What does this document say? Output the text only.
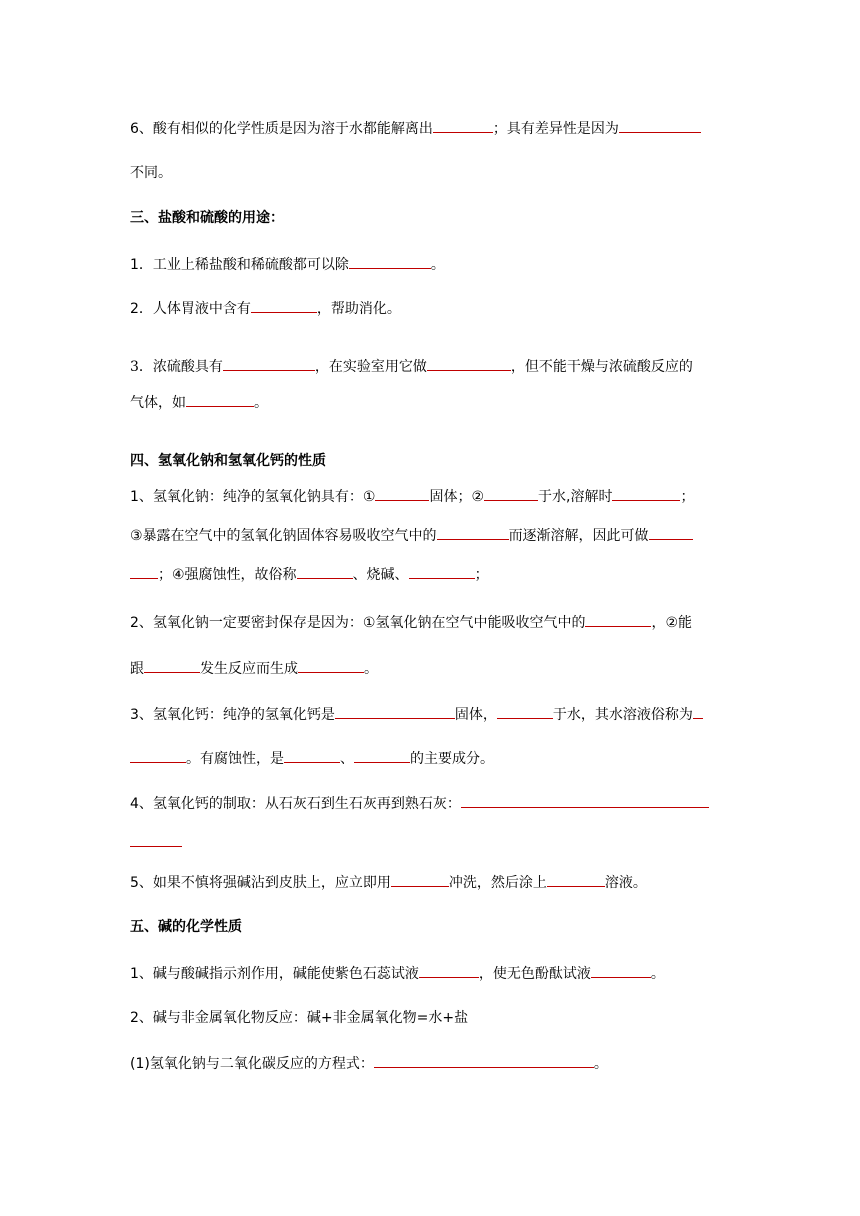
6、酸有相似的化学性质是因为溶于水都能解离出	；具有差异性是因为
不同。
三、盐酸和硫酸的用途：
1．工业上稀盐酸和稀硫酸都可以除	。
2．人体胃液中含有	，帮助消化。
3．浓硫酸具有	，在实验室用它做	，但不能干燥与浓硫酸反应的
气体，如	。
四、氢氧化钠和氢氧化钙的性质
1、氢氧化钠：纯净的氢氧化钠具有：①	固体；②	于水,溶解时	；
③暴露在空气中的氢氧化钠固体容易吸收空气中的	而逐渐溶解，因此可做
；④强腐蚀性，故俗称	、烧碱、	；
2、氢氧化钠一定要密封保存是因为：①氢氧化钠在空气中能吸收空气中的	，②能
跟	发生反应而生成	。
3、氢氧化钙：纯净的氢氧化钙是	固体，	于水，其水溶液俗称为
。有腐蚀性，是	、	的主要成分。
4、氢氧化钙的制取：从石灰石到生石灰再到熟石灰：
5、如果不慎将强碱沾到皮肤上，应立即用	冲洗，然后涂上	溶液。
五、碱的化学性质
1、碱与酸碱指示剂作用，碱能使紫色石蕊试液	，使无色酚酞试液	。
2、碱与非金属氧化物反应：碱+非金属氧化物=水+盐
(1)氢氧化钠与二氧化碳反应的方程式：	。
